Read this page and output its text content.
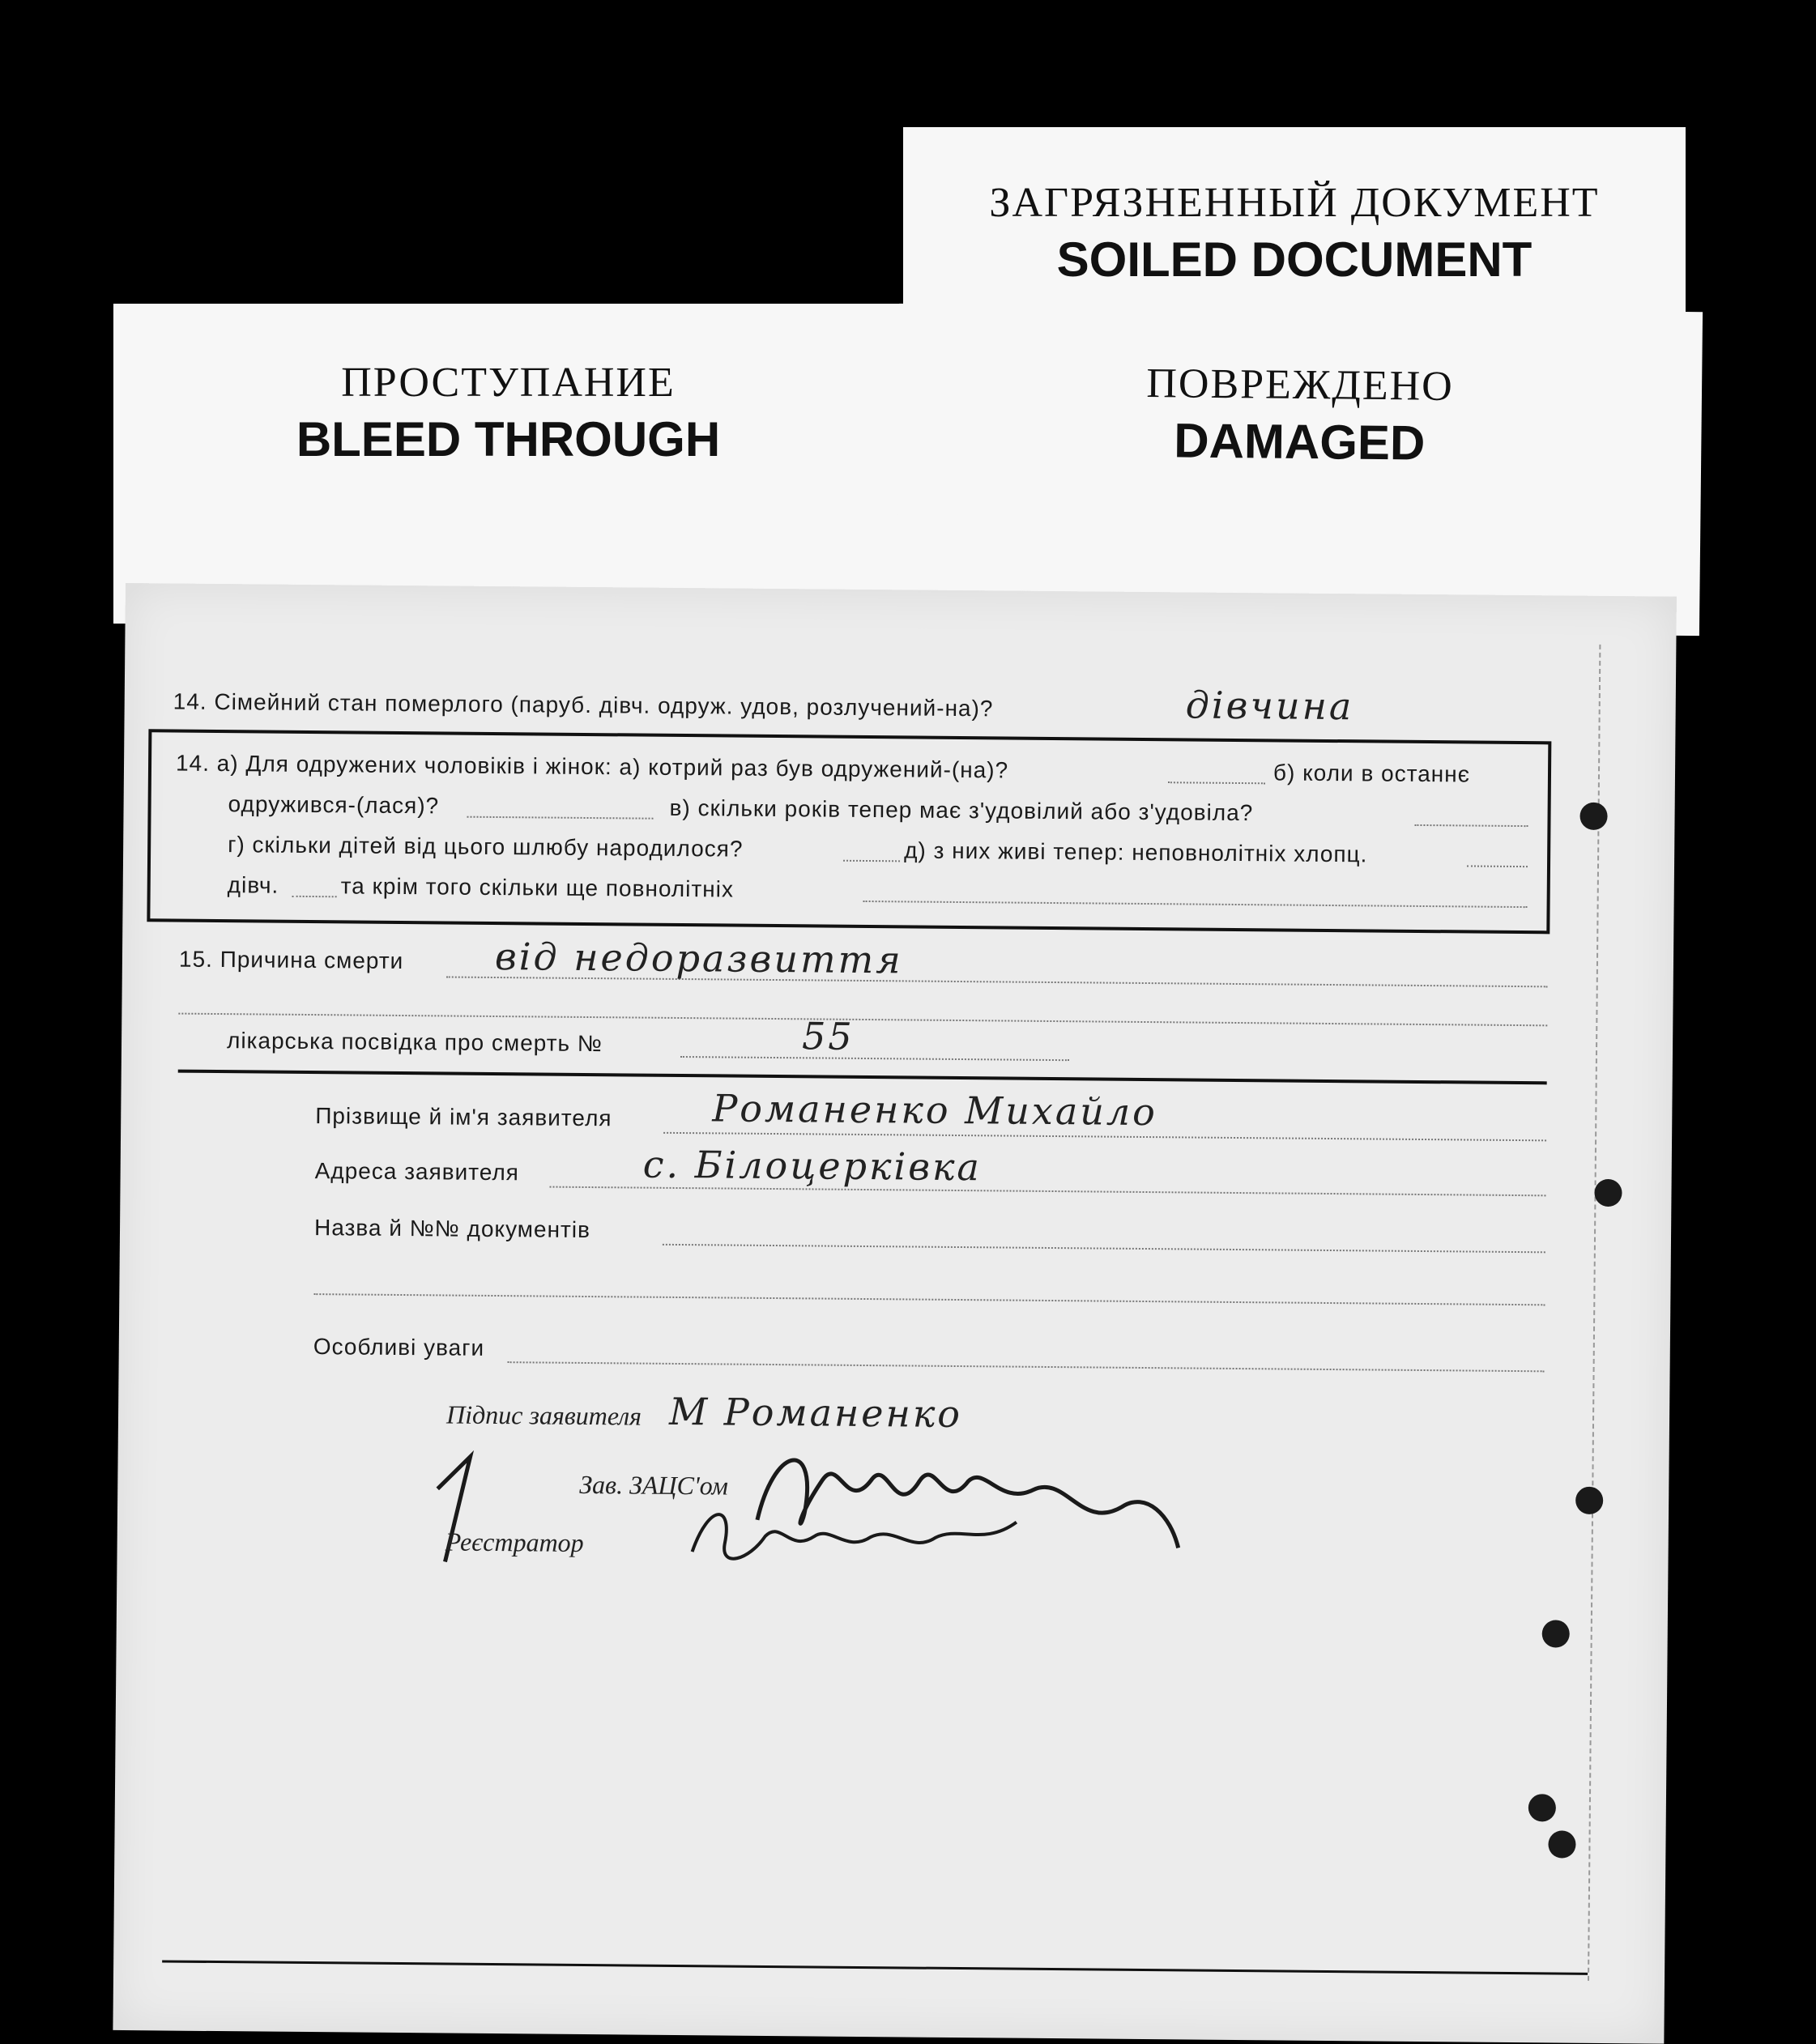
ЗАГРЯЗНЕННЫЙ ДОКУМЕНТ
SOILED DOCUMENT
ПРОСТУПАНИЕ
BLEED THROUGH
ПОВРЕЖДЕНО
DAMAGED
14. Сімейний стан померлого (паруб. дівч. одруж. удов, розлучений-на)?	дівчина
14. а) Для одружених чоловіків і жінок: а) котрий раз був одружений-(на)?	б) коли в останнє
одружився-(лася)?	в) скільки років тепер має з'удовілий або з'удовіла?
г) скільки дітей від цього шлюбу народилося?	д) з них живі тепер: неповнолітніх хлопц.
дівч.	та крім того скільки ще повнолітніх
15. Причина смерти від недоразвиття
лікарська посвідка про смерть №	55
Прізвище й ім'я заявителя	Романенко Михайло
Адреса заявителя	с. Білоцерківка
Назва й №№ документів
Особливі уваги
Підпис заявителя М Романенко
Зав. ЗАЦС'ом
Реєстратор
